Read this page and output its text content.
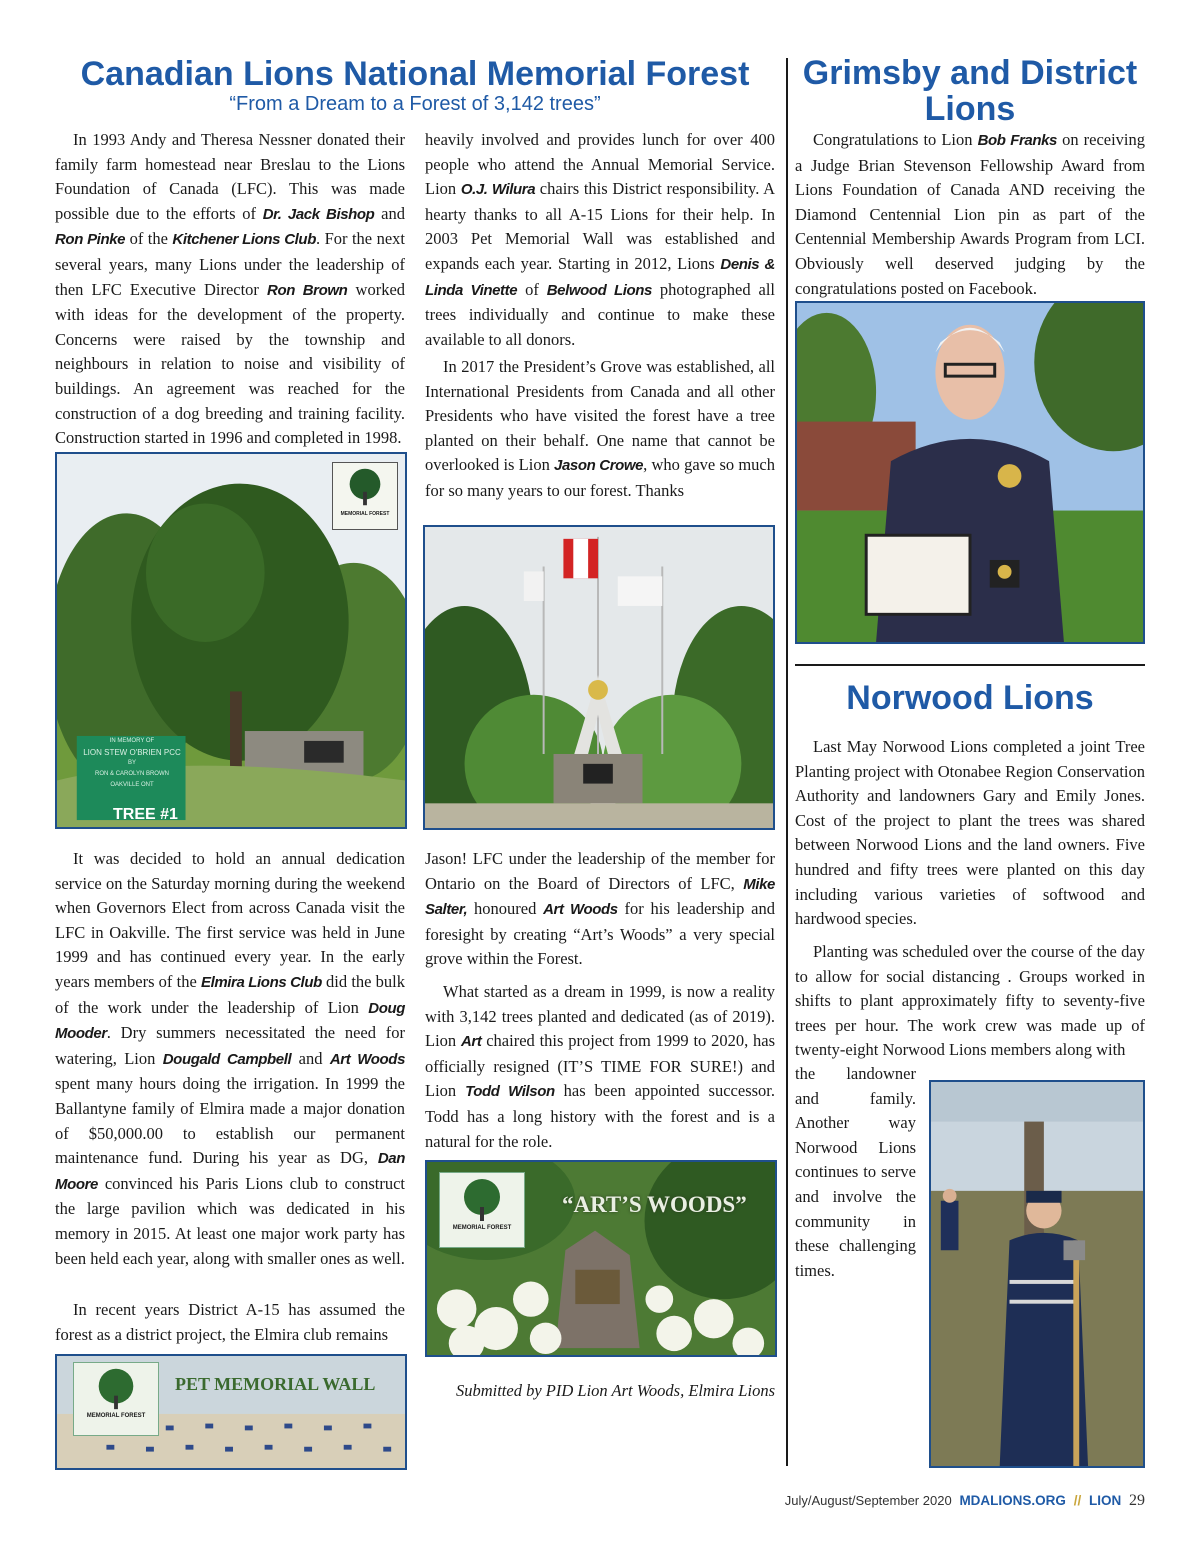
Canadian Lions National Memorial Forest
“From a Dream to a Forest of 3,142 trees”

In 1993 Andy and Theresa Nessner donated their family farm homestead near Breslau to the Lions Foundation of Canada (LFC). This was made possible due to the efforts of Dr. Jack Bishop and Ron Pinke of the Kitchener Lions Club. For the next several years, many Lions under the leadership of then LFC Executive Director Ron Brown worked with ideas for the development of the property. Concerns were raised by the township and neighbours in relation to noise and visibility of buildings. An agreement was reached for the construction of a dog breeding and training facility. Construction started in 1996 and completed in 1998.

IN MEMORY OF
LION STEW O'BRIEN PCC
BY
RON & CAROLYN BROWN
OAKVILLE ONT
MEMORIAL FOREST
TREE #1

It was decided to hold an annual dedication service on the Saturday morning during the weekend when Governors Elect from across Canada visit the LFC in Oakville. The first service was held in June 1999 and has continued every year. In the early years members of the Elmira Lions Club did the bulk of the work under the leadership of Lion Doug Mooder. Dry summers necessitated the need for watering, Lion Dougald Campbell and Art Woods spent many hours doing the irrigation. In 1999 the Ballantyne family of Elmira made a major donation of $50,000.00 to establish our permanent maintenance fund. During his year as DG, Dan Moore convinced his Paris Lions club to construct the large pavilion which was dedicated in his memory in 2015. At least one major work party has been held each year, along with smaller ones as well.

In recent years District A-15 has assumed the forest as a district project, the Elmira club remains

MEMORIAL FOREST
PET MEMORIAL WALL

heavily involved and provides lunch for over 400 people who attend the Annual Memorial Service. Lion O.J. Wilura chairs this District responsibility. A hearty thanks to all A-15 Lions for their help. In 2003 Pet Memorial Wall was established and expands each year. Starting in 2012, Lions Denis & Linda Vinette of Belwood Lions photographed all trees individually and continue to make these available to all donors.

In 2017 the President’s Grove was established, all International Presidents from Canada and all other Presidents who have visited the forest have a tree planted on their behalf. One name that cannot be overlooked is Lion Jason Crowe, who gave so much for so many years to our forest. Thanks

Jason! LFC under the leadership of the member for Ontario on the Board of Directors of LFC, Mike Salter, honoured Art Woods for his leadership and foresight by creating “Art’s Woods” a very special grove within the Forest.

What started as a dream in 1999, is now a reality with 3,142 trees planted and dedicated (as of 2019). Lion Art chaired this project from 1999 to 2020, has officially resigned (IT’S TIME FOR SURE!) and Lion Todd Wilson has been appointed successor. Todd has a long history with the forest and is a natural for the role.

MEMORIAL FOREST
“ART’S WOODS”
Submitted by PID Lion Art Woods, Elmira Lions
Grimsby and District
Lions

Congratulations to Lion Bob Franks on receiving a Judge Brian Stevenson Fellowship Award from Lions Foundation of Canada AND receiving the Diamond Centennial Lion pin as part of the Centennial Membership Awards Program from LCI. Obviously well deserved judging by the congratulations posted on Facebook.

Norwood Lions

Last May Norwood Lions completed a joint Tree Planting project with Otonabee Region Conservation Authority and landowners Gary and Emily Jones. Cost of the project to plant the trees was shared between Norwood Lions and the land owners. Five hundred and fifty trees were planted on this day including various varieties of softwood and hardwood species.

Planting was scheduled over the course of the day to allow for social distancing . Groups worked in shifts to plant approximately fifty to seventy-five trees per hour. The work crew was made up of twenty-eight Norwood Lions members along with

the landowner and family. Another way Norwood Lions continues to serve and involve the community in these challenging times.

July/August/September 2020 MDALIONS.ORG // LION 29
